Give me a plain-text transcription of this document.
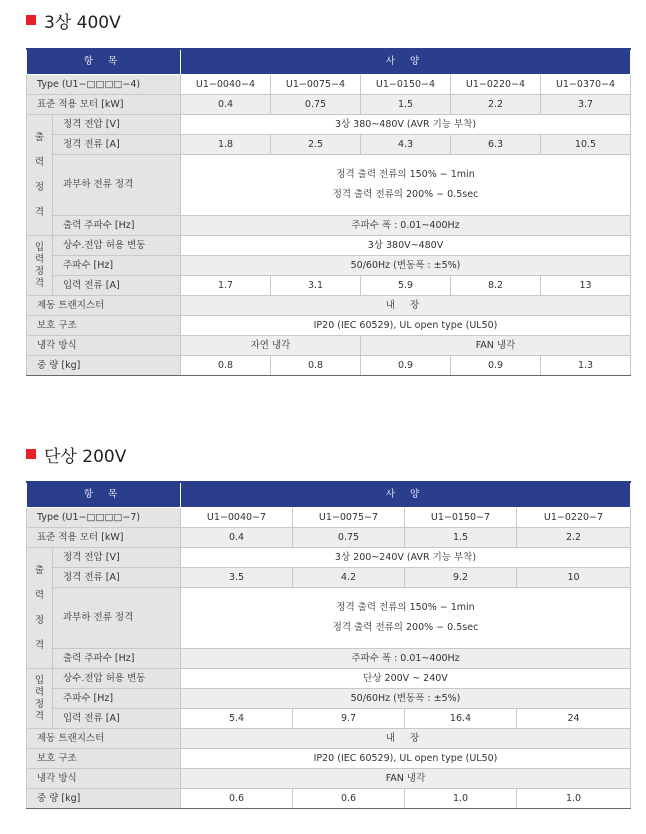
3상 400V
항 목		사 양				
Type (U1−□□□□−4)		U1−0040−4	U1−0075−4	U1−0150−4	U1−0220−4	U1−0370−4
표준 적용 모터 [kW]		0.4	0.75	1.5	2.2	3.7

출
력
정
격	정격 전압 [V]	3상 380~480V (AVR 기능 부착)				
	정격 전류 [A]	1.8	2.5	4.3	6.3	10.5
	과부하 전류 정격	정격 출력 전류의 150% − 1min
정격 출력 전류의 200% − 0.5sec				

	출력 주파수 [Hz]	주파수 폭 : 0.01~400Hz				

입
력
정
격	상수.전압 허용 변동	3상 380V~480V				
	주파수 [Hz]	50/60Hz (변동폭 : ±5%)				
	입력 전류 [A]	1.7	3.1	5.9	8.2	13
제동 트랜지스터		내 장				
보호 구조		IP20 (IEC 60529), UL open type (UL50)				
냉각 방식		자연 냉각		FAN 냉각		
중 량 [kg]		0.8	0.8	0.9	0.9	1.3
단상 200V
항 목		사 양			
Type (U1−□□□□−7)		U1−0040−7	U1−0075−7	U1−0150−7	U1−0220−7
표준 적용 모터 [kW]		0.4	0.75	1.5	2.2

출
력
정
격	정격 전압 [V]	3상 200~240V (AVR 기능 부착)			
	정격 전류 [A]	3.5	4.2	9.2	10
	과부하 전류 정격	정격 출력 전류의 150% − 1min
정격 출력 전류의 200% − 0.5sec			

	출력 주파수 [Hz]	주파수 폭 : 0.01~400Hz			

입
력
정
격	상수.전압 허용 변동	단상 200V ~ 240V			
	주파수 [Hz]	50/60Hz (변동폭 : ±5%)			
	입력 전류 [A]	5.4	9.7	16.4	24
제동 트랜지스터		내 장			
보호 구조		IP20 (IEC 60529), UL open type (UL50)			
냉각 방식		FAN 냉각			
중 량 [kg]		0.6	0.6	1.0	1.0
